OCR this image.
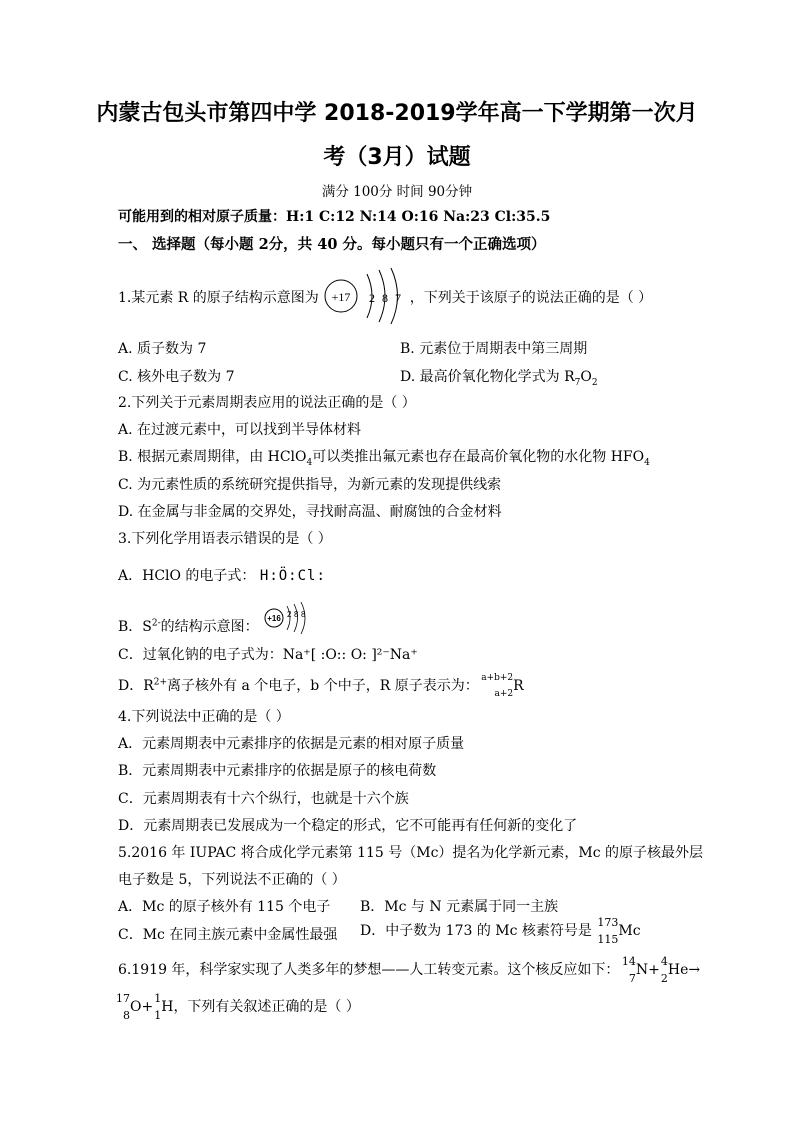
内蒙古包头市第四中学 2018-2019学年高一下学期第一次月
考（3月）试题
满分 100分 时间 90分钟
可能用到的相对原子质量：H:1 C:12 N:14 O:16 Na:23 Cl:35.5
一、 选择题（每小题 2分，共 40 分。每小题只有一个正确选项）
1.某元素 R 的原子结构示意图为 +17 2 8 7 ，下列关于该原子的说法正确的是（ ）
A. 质子数为 7	B. 元素位于周期表中第三周期
C. 核外电子数为 7	D. 最高价氧化物化学式为 $R_7O_2$
2.下列关于元素周期表应用的说法正确的是（ ）
A. 在过渡元素中，可以找到半导体材料
B. 根据元素周期律，由 HClO$_4$可以类推出氟元素也存在最高价氧化物的水化物 $HFO_4$
C. 为元素性质的系统研究提供指导，为新元素的发现提供线索
D. 在金属与非金属的交界处，寻找耐高温、耐腐蚀的合金材料
3.下列化学用语表示错误的是（ ）
A．HClO 的电子式： H:Ö:Cl:
B．$S^{2-}$的结构示意图：
+16 2 8 8
C．过氧化钠的电子式为：Na⁺[ :O:: O: ]²⁻Na⁺
D．$R^{2+}$离子核外有 a 个电子，b 个中子，R 原子表示为： a+b+2
a+2 R
4.下列说法中正确的是（ ）
A．元素周期表中元素排序的依据是元素的相对原子质量
B．元素周期表中元素排序的依据是原子的核电荷数
C．元素周期表有十六个纵行，也就是十六个族
D．元素周期表已发展成为一个稳定的形式，它不可能再有任何新的变化了
5.2016 年 IUPAC 将合成化学元素第 115 号（Mc）提名为化学新元素，Mc 的原子核最外层
电子数是 5，下列说法不正确的（ ）
A．Mc 的原子核外有 115 个电子 B．Mc 与 N 元素属于同一主族
C．Mc 在同主族元素中金属性最强 D．中子数为 173 的 Mc 核素符号是
173
115
Mc
6.1919 年，科学家实现了人类多年的梦想——人工转变元素。这个核反应如下：
14
7
N+
4
2
He→
17
8
O+
1
1
H，下列有关叙述正确的是（ ）
